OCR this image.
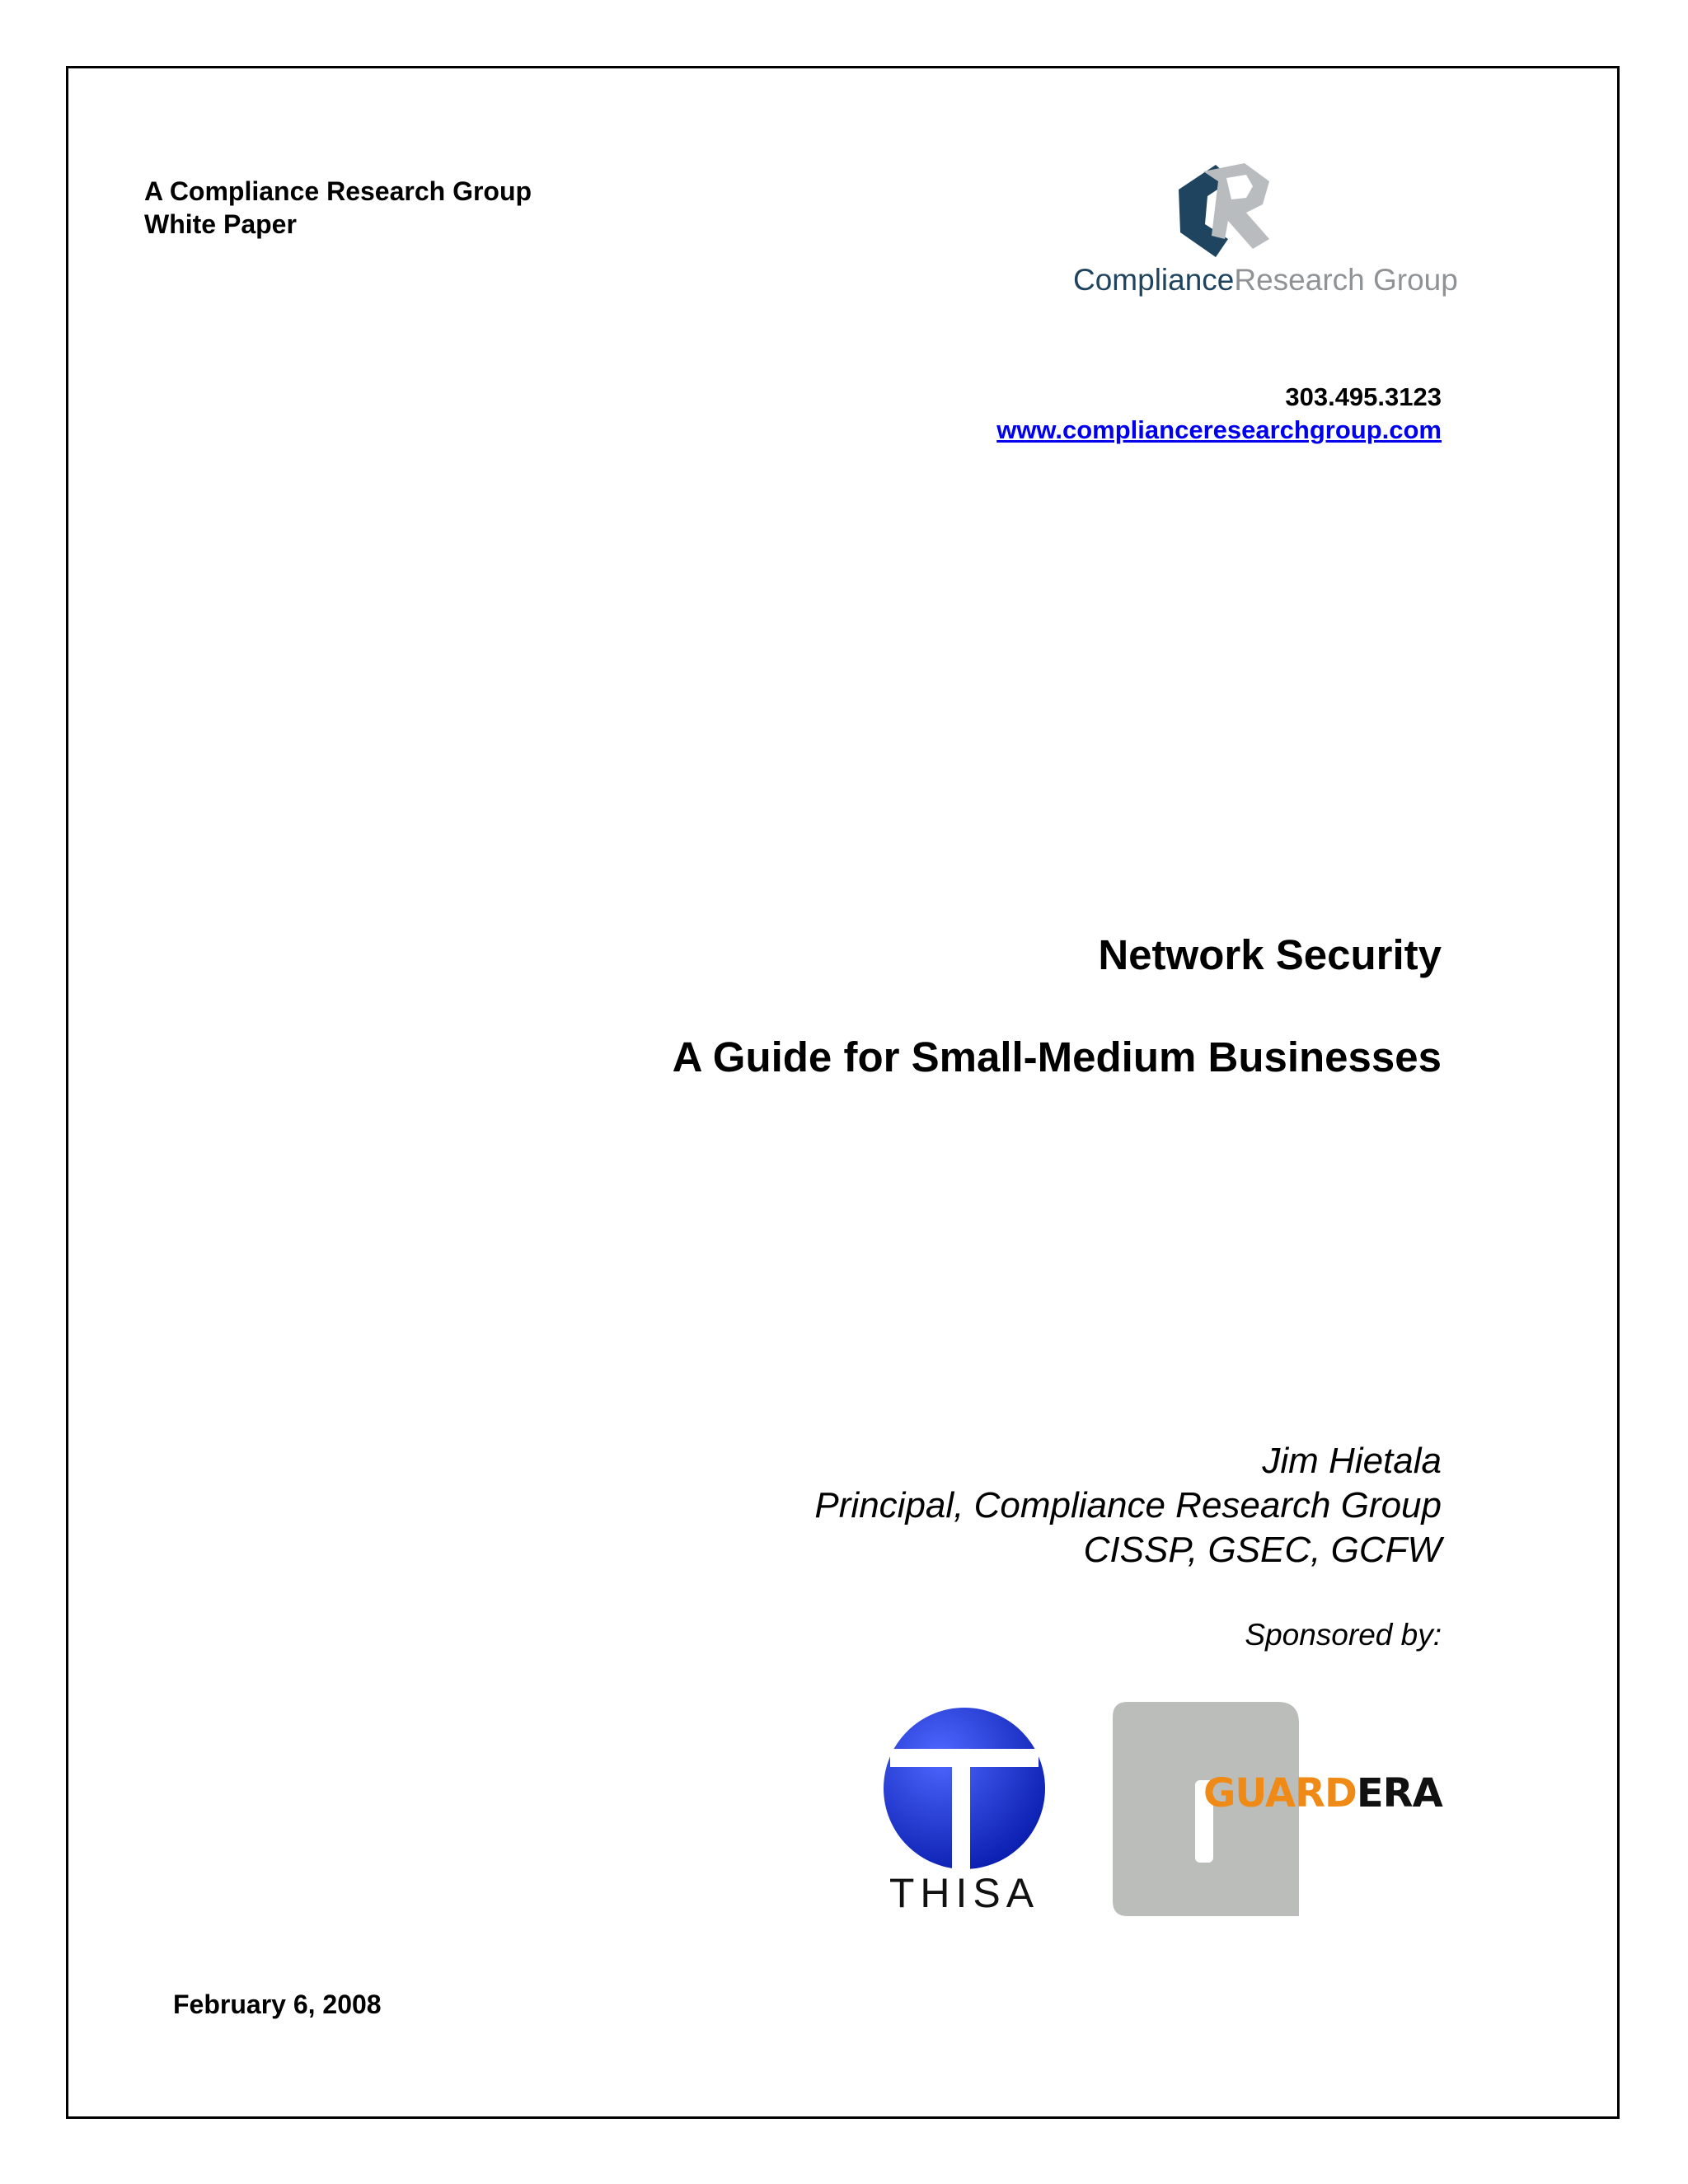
A Compliance Research Group
White Paper
ComplianceResearch Group
303.495.3123
www.complianceresearchgroup.com
Network Security
A Guide for Small-Medium Businesses
Jim Hietala
Principal, Compliance Research Group
CISSP, GSEC, GCFW
Sponsored by:
THISA
GUARDERA
February 6, 2008
